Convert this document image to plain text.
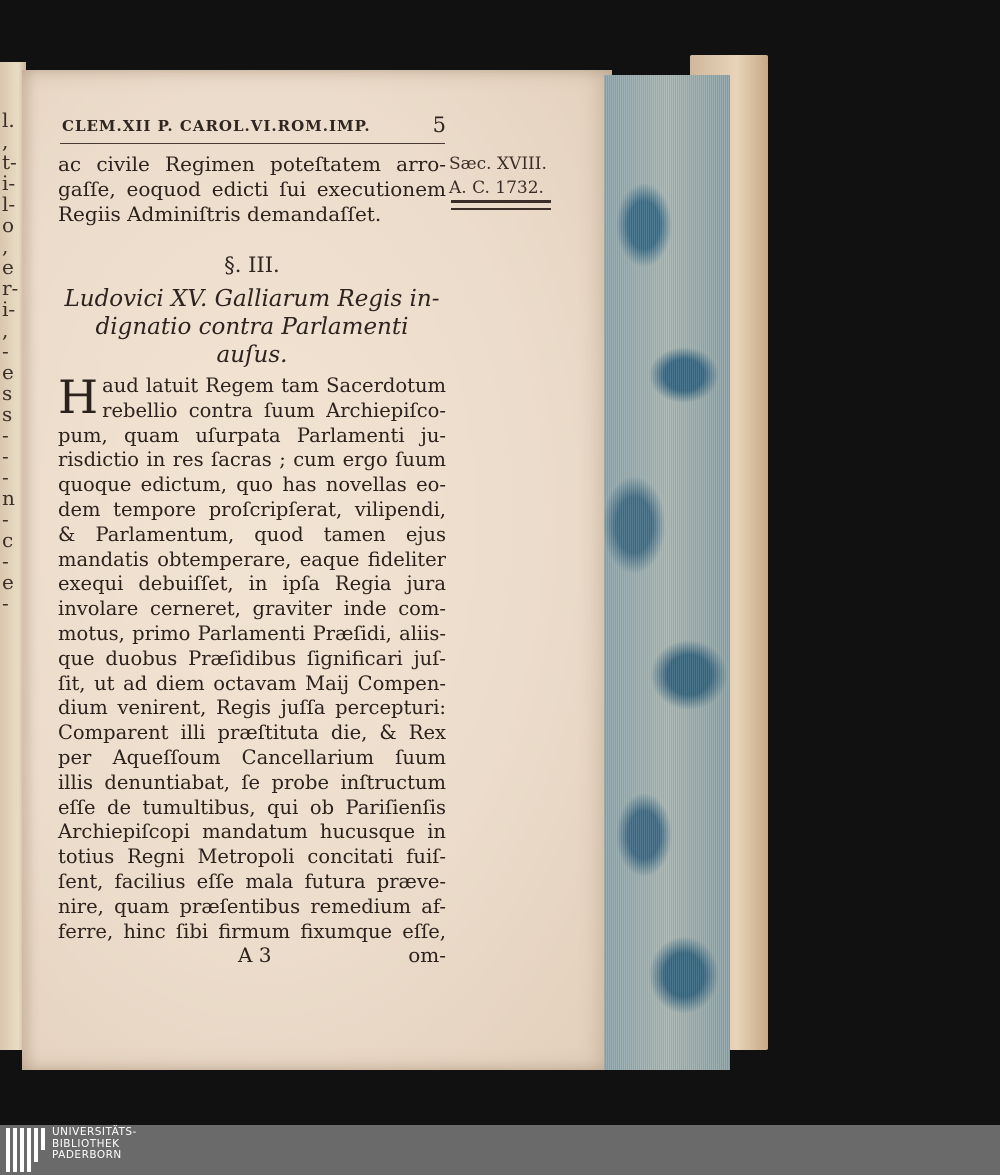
l.
,
t-
i-
l-
o
,
e
r-
i-
,
-
e
s
s
-
-
-
n
-
c
-
e
-
CLEM.XII P. CAROL.VI.ROM.IMP.	5
Sæc. XVIII.
A. C. 1732.
ac civile Regimen poteſtatem arro-
gaſſe, eoquod edicti ſui executionem
Regiis Adminiſtris demandaſſet.
§. III.
Ludovici XV. Galliarum Regis in-
dignatio contra Parlamenti
auſus.
H aud latuit Regem tam Sacerdotum
rebellio contra ſuum Archiepiſco-
pum, quam uſurpata Parlamenti ju-
risdictio in res ſacras ; cum ergo ſuum
quoque edictum, quo has novellas eo-
dem tempore proſcripſerat, vilipendi,
& Parlamentum, quod tamen ejus
mandatis obtemperare, eaque fideliter
exequi debuiſſet, in ipſa Regia jura
involare cerneret, graviter inde com-
motus, primo Parlamenti Præſidi, aliis-
que duobus Præſidibus ſignificari juſ-
ſit, ut ad diem octavam Maij Compen-
dium venirent, Regis juſſa percepturi:
Comparent illi præſtituta die, & Rex
per Aqueſſoum Cancellarium ſuum
illis denuntiabat, ſe probe inſtructum
eſſe de tumultibus, qui ob Pariſienſis
Archiepiſcopi mandatum hucusque in
totius Regni Metropoli concitati fuiſ-
ſent, facilius eſſe mala futura præve-
nire, quam præſentibus remedium af-
ferre, hinc ſibi firmum fixumque eſſe,
A 3	om-
UNIVERSITÄTS-
BIBLIOTHEK
PADERBORN
